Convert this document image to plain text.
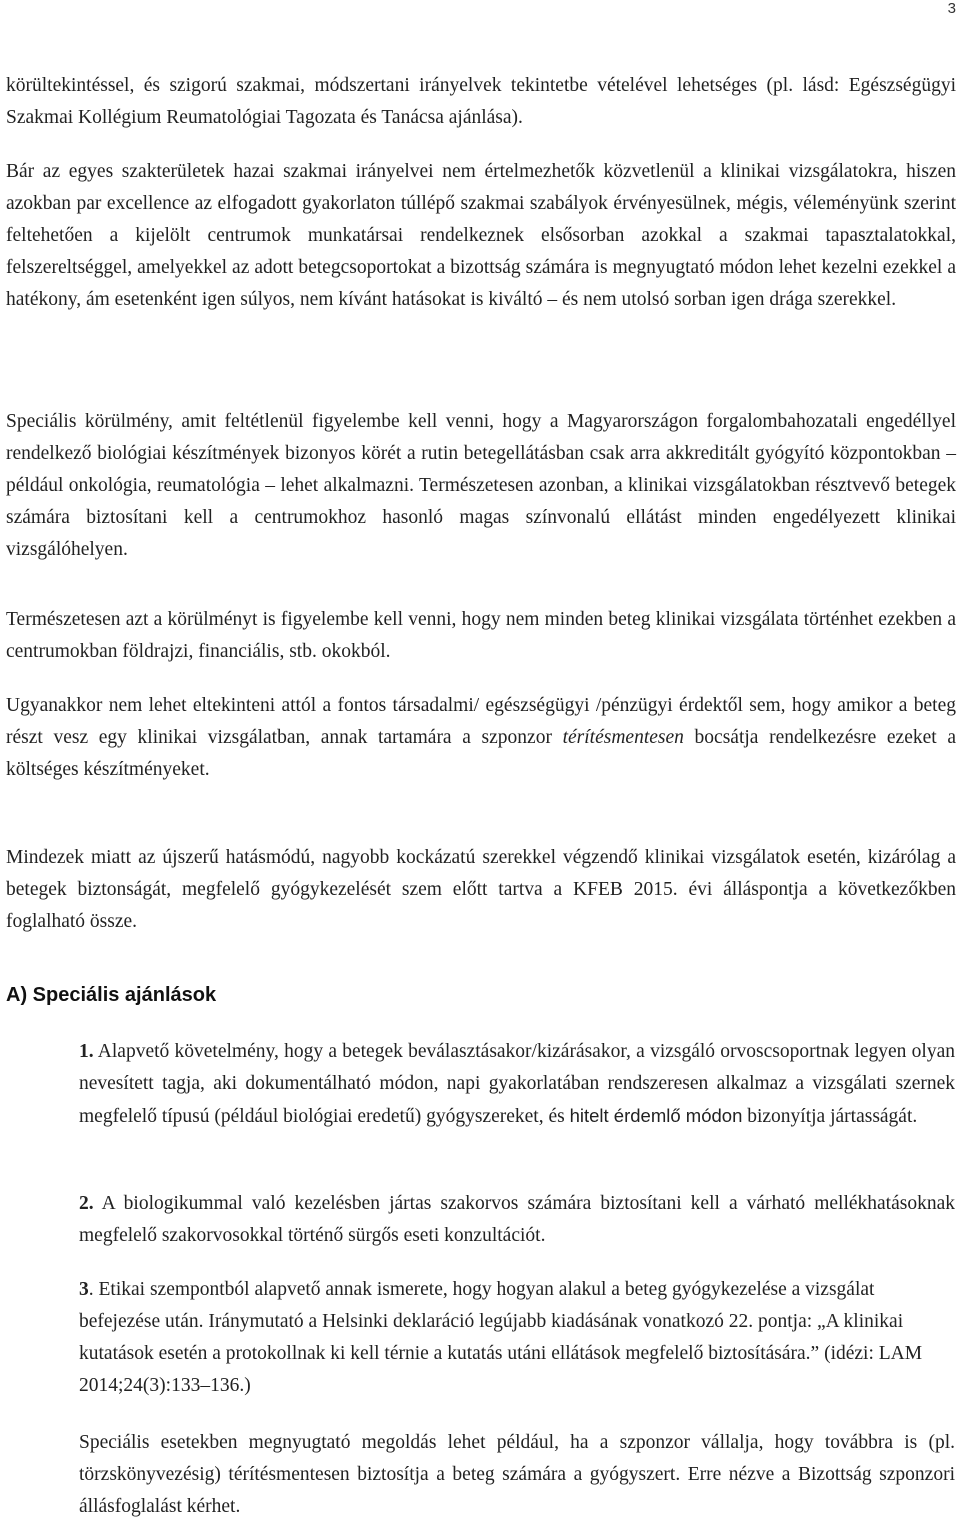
3

körültekintéssel, és szigorú szakmai, módszertani irányelvek tekintetbe vételével lehetséges (pl. lásd: Egészségügyi Szakmai Kollégium Reumatológiai Tagozata és Tanácsa ajánlása).

Bár az egyes szakterületek hazai szakmai irányelvei nem értelmezhetők közvetlenül a klinikai vizsgálatokra, hiszen azokban par excellence az elfogadott gyakorlaton túllépő szakmai szabályok érvényesülnek, mégis, véleményünk szerint feltehetően a kijelölt centrumok munkatársai rendelkeznek elsősorban azokkal a szakmai tapasztalatokkal, felszereltséggel, amelyekkel az adott betegcsoportokat a bizottság számára is megnyugtató módon lehet kezelni ezekkel a hatékony, ám esetenként igen súlyos, nem kívánt hatásokat is kiváltó – és nem utolsó sorban igen drága szerekkel.

Speciális körülmény, amit feltétlenül figyelembe kell venni, hogy a Magyarországon forgalombahozatali engedéllyel rendelkező biológiai készítmények bizonyos körét a rutin betegellátásban csak arra akkreditált gyógyító központokban – például onkológia, reumatológia – lehet alkalmazni. Természetesen azonban, a klinikai vizsgálatokban résztvevő betegek számára biztosítani kell a centrumokhoz hasonló magas színvonalú ellátást minden engedélyezett klinikai vizsgálóhelyen.

Természetesen azt a körülményt is figyelembe kell venni, hogy nem minden beteg klinikai vizsgálata történhet ezekben a centrumokban földrajzi, financiális, stb. okokból.

Ugyanakkor nem lehet eltekinteni attól a fontos társadalmi/ egészségügyi /pénzügyi érdektől sem, hogy amikor a beteg részt vesz egy klinikai vizsgálatban, annak tartamára a szponzor térítésmentesen bocsátja rendelkezésre ezeket a költséges készítményeket.

Mindezek miatt az újszerű hatásmódú, nagyobb kockázatú szerekkel végzendő klinikai vizsgálatok esetén, kizárólag a betegek biztonságát, megfelelő gyógykezelését szem előtt tartva a KFEB 2015. évi álláspontja a következőkben foglalható össze.

A) Speciális ajánlások

1. Alapvető követelmény, hogy a betegek beválasztásakor/kizárásakor, a vizsgáló orvoscsoportnak legyen olyan nevesített tagja, aki dokumentálható módon, napi gyakorlatában rendszeresen alkalmaz a vizsgálati szernek megfelelő típusú (például biológiai eredetű) gyógyszereket, és hitelt érdemlő módon bizonyítja jártasságát.

2. A biologikummal való kezelésben jártas szakorvos számára biztosítani kell a várható mellékhatásoknak megfelelő szakorvosokkal történő sürgős eseti konzultációt.

3. Etikai szempontból alapvető annak ismerete, hogy hogyan alakul a beteg gyógykezelése a vizsgálat befejezése után. Iránymutató a Helsinki deklaráció legújabb kiadásának vonatkozó 22. pontja: „A klinikai kutatások esetén a protokollnak ki kell térnie a kutatás utáni ellátások megfelelő biztosítására.” (idézi: LAM 2014;24(3):133–136.)

Speciális esetekben megnyugtató megoldás lehet például, ha a szponzor vállalja, hogy továbbra is (pl. törzskönyvezésig) térítésmentesen biztosítja a beteg számára a gyógyszert. Erre nézve a Bizottság szponzori állásfoglalást kérhet.
